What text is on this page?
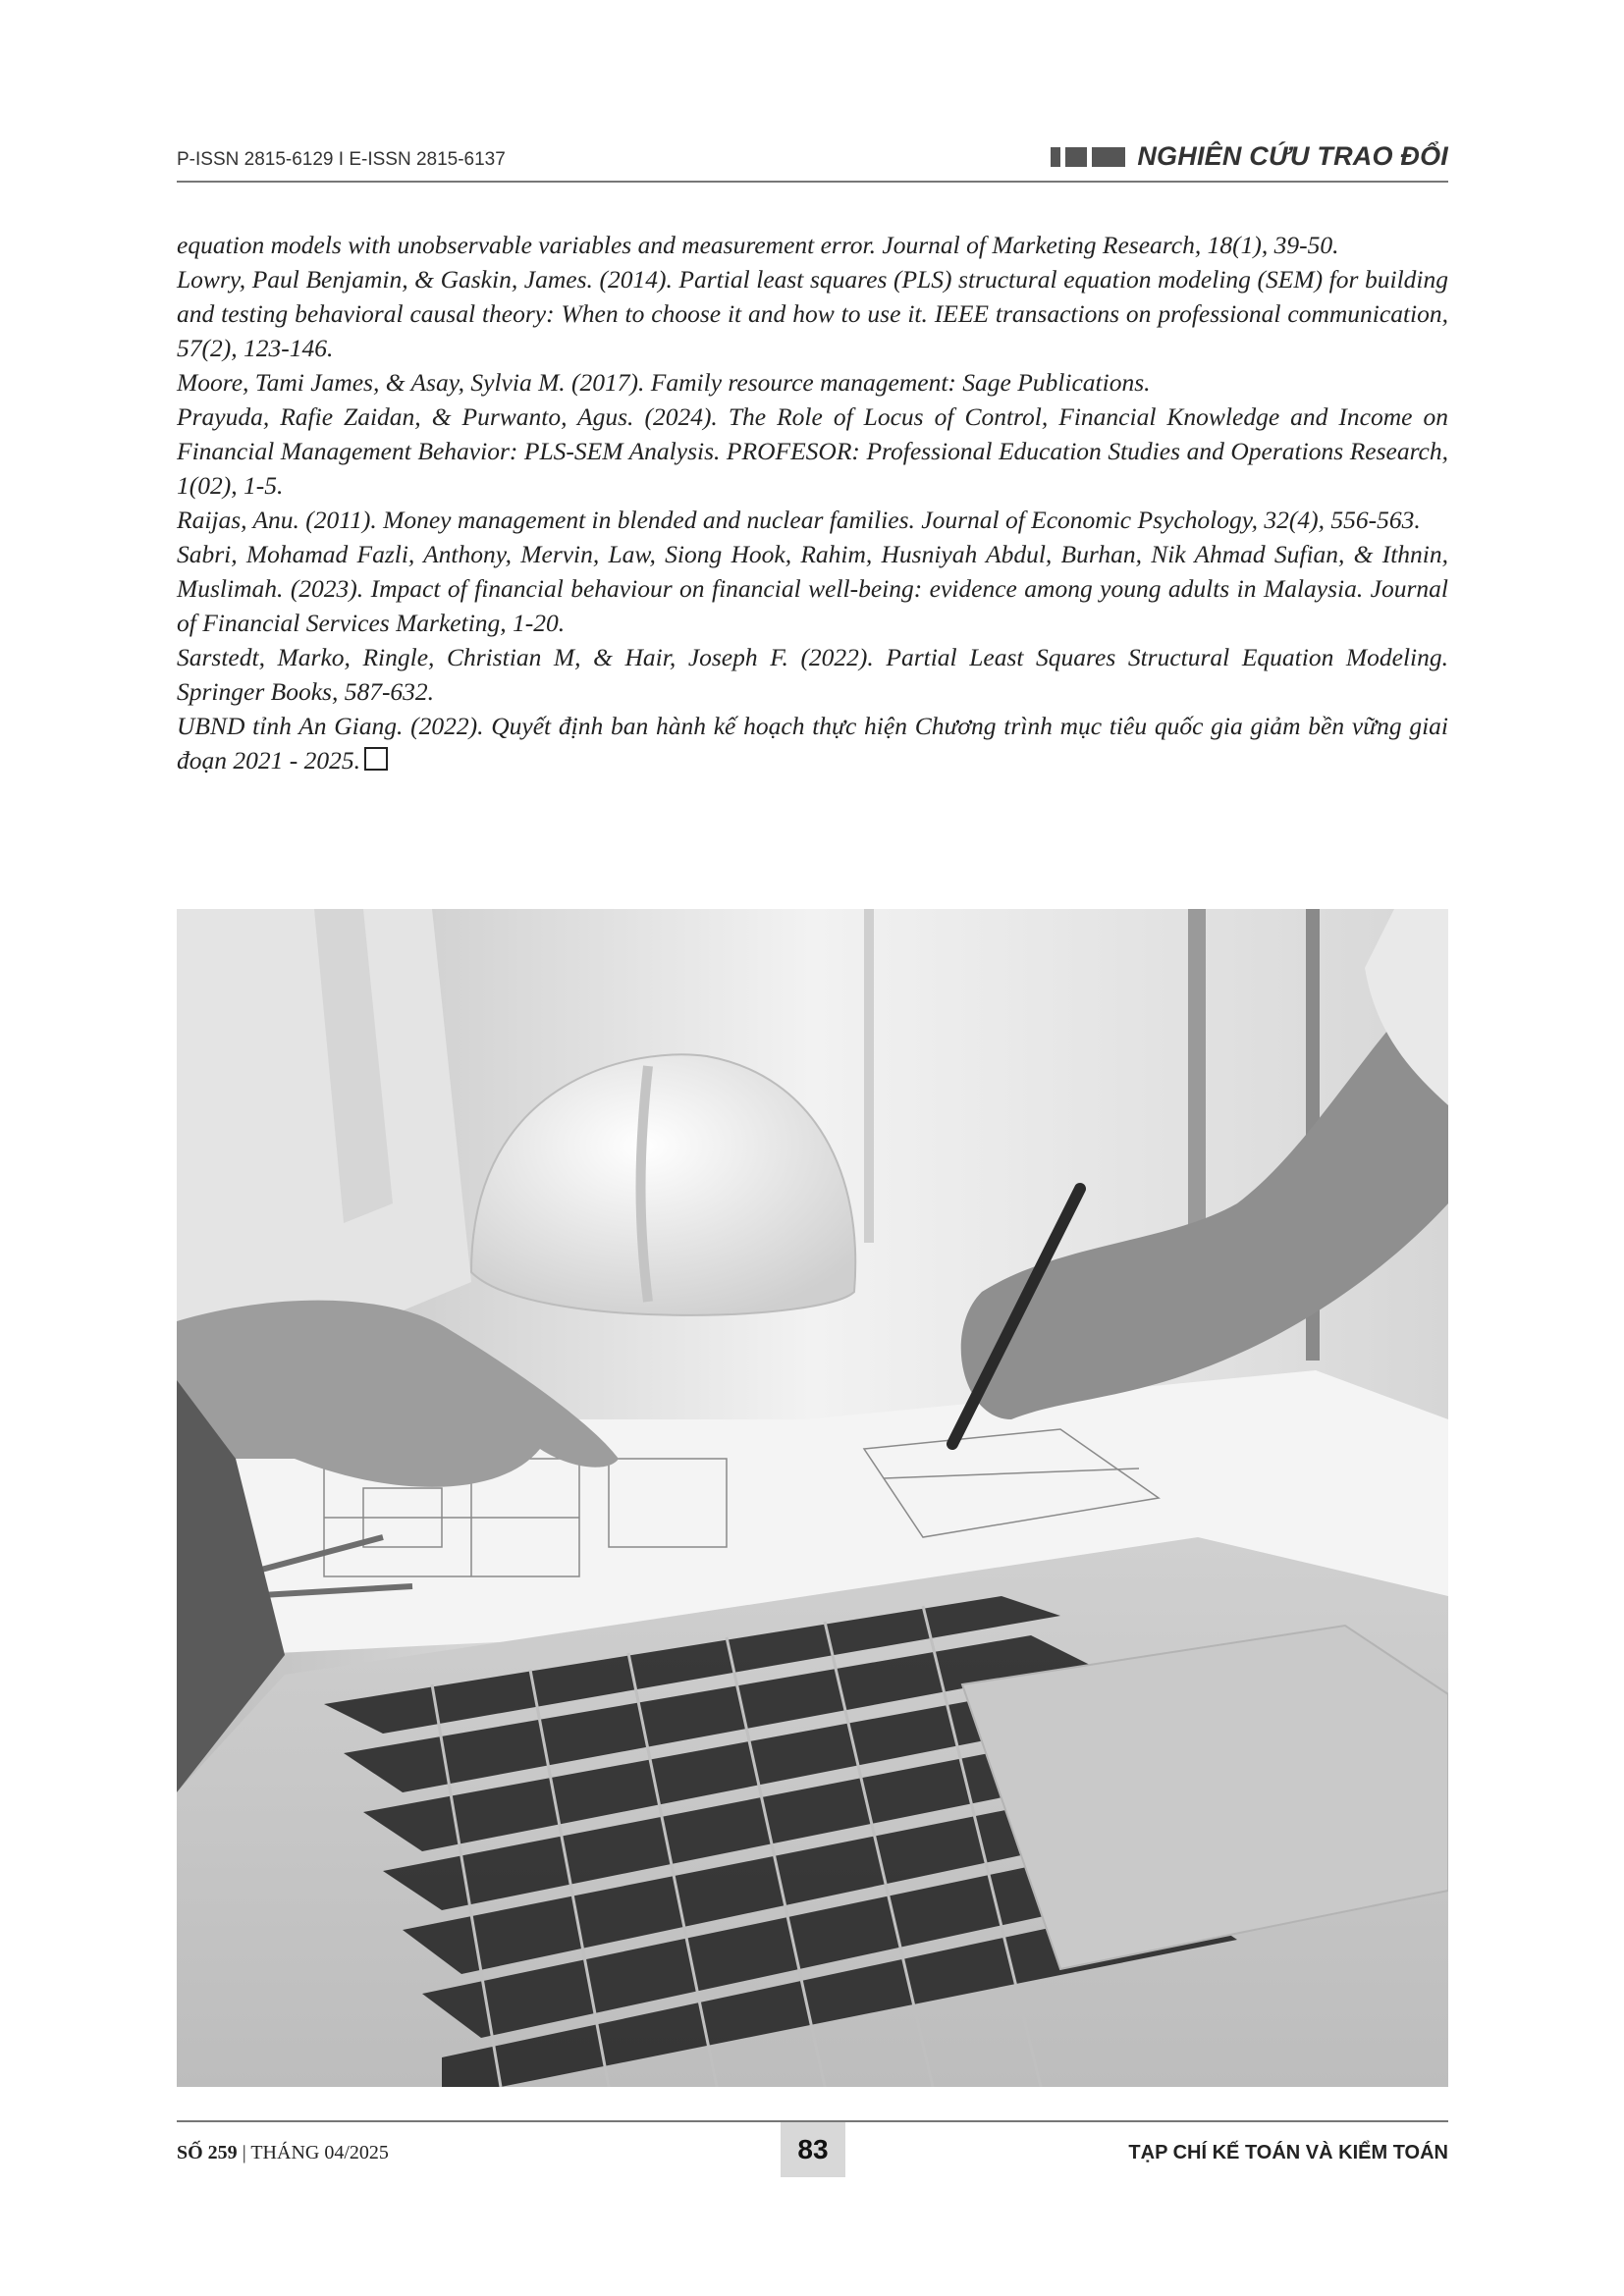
P-ISSN 2815-6129 I E-ISSN 2815-6137	NGHIÊN CỨU TRAO ĐỔI

equation models with unobservable variables and measurement error. Journal of Marketing Research, 18(1), 39-50.

Lowry, Paul Benjamin, & Gaskin, James. (2014). Partial least squares (PLS) structural equation modeling (SEM) for building and testing behavioral causal theory: When to choose it and how to use it. IEEE transactions on professional communication, 57(2), 123-146.

Moore, Tami James, & Asay, Sylvia M. (2017). Family resource management: Sage Publications.

Prayuda, Rafie Zaidan, & Purwanto, Agus. (2024). The Role of Locus of Control, Financial Knowledge and Income on Financial Management Behavior: PLS-SEM Analysis. PROFESOR: Professional Education Studies and Operations Research, 1(02), 1-5.

Raijas, Anu. (2011). Money management in blended and nuclear families. Journal of Economic Psychology, 32(4), 556-563.

Sabri, Mohamad Fazli, Anthony, Mervin, Law, Siong Hook, Rahim, Husniyah Abdul, Burhan, Nik Ahmad Sufian, & Ithnin, Muslimah. (2023). Impact of financial behaviour on financial well-being: evidence among young adults in Malaysia. Journal of Financial Services Marketing, 1-20.

Sarstedt, Marko, Ringle, Christian M, & Hair, Joseph F. (2022). Partial Least Squares Structural Equation Modeling. Springer Books, 587-632.

UBND tỉnh An Giang. (2022). Quyết định ban hành kế hoạch thực hiện Chương trình mục tiêu quốc gia giảm bền vững giai đoạn 2021 - 2025.

SỐ 259 | THÁNG 04/2025	83	TẠP CHÍ KẾ TOÁN VÀ KIỂM TOÁN
